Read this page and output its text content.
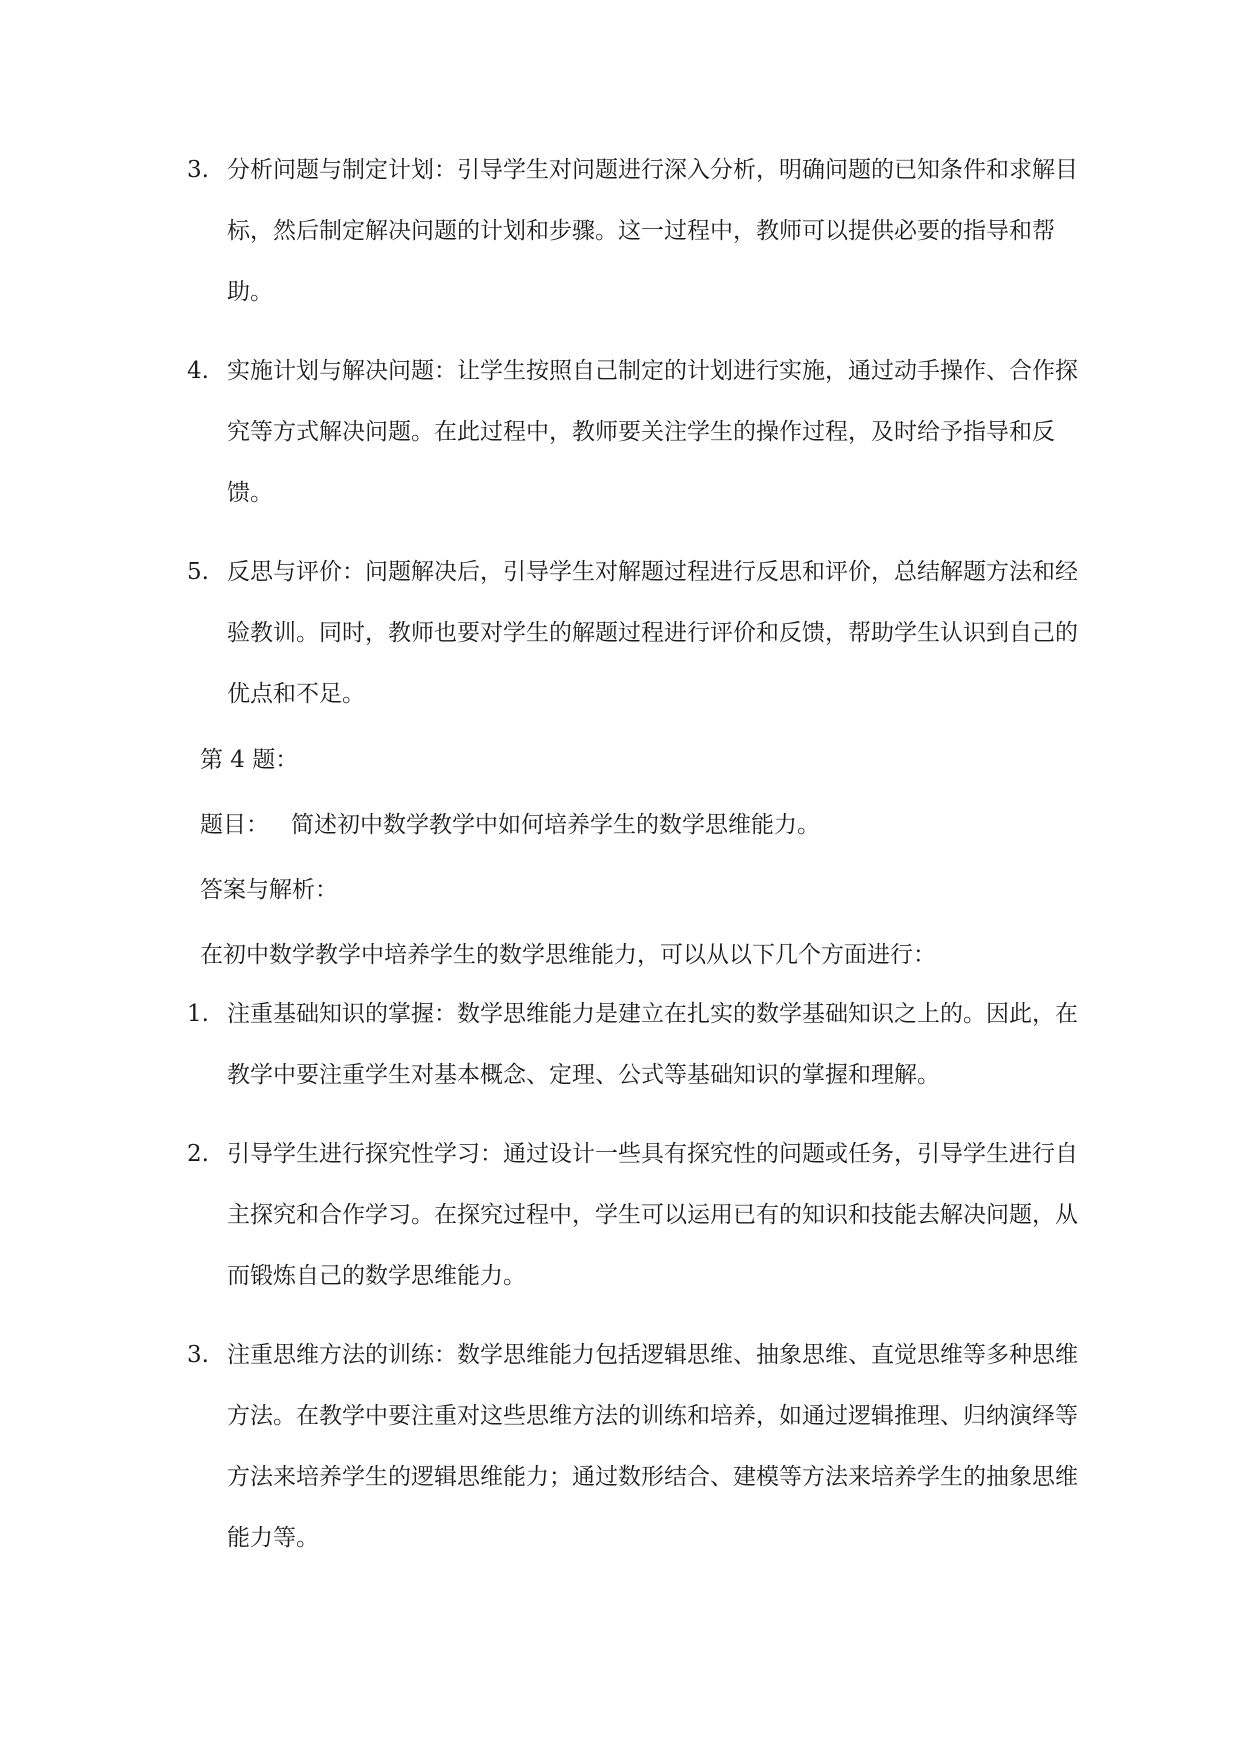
3. 分析问题与制定计划：引导学生对问题进行深入分析，明确问题的已知条件和求解目标，然后制定解决问题的计划和步骤。这一过程中，教师可以提供必要的指导和帮助。
4. 实施计划与解决问题：让学生按照自己制定的计划进行实施，通过动手操作、合作探究等方式解决问题。在此过程中，教师要关注学生的操作过程，及时给予指导和反馈。
5. 反思与评价：问题解决后，引导学生对解题过程进行反思和评价，总结解题方法和经验教训。同时，教师也要对学生的解题过程进行评价和反馈，帮助学生认识到自己的优点和不足。
第 4 题：
题目： 简述初中数学教学中如何培养学生的数学思维能力。
答案与解析：
在初中数学教学中培养学生的数学思维能力，可以从以下几个方面进行：
1. 注重基础知识的掌握：数学思维能力是建立在扎实的数学基础知识之上的。因此，在教学中要注重学生对基本概念、定理、公式等基础知识的掌握和理解。
2. 引导学生进行探究性学习：通过设计一些具有探究性的问题或任务，引导学生进行自主探究和合作学习。在探究过程中，学生可以运用已有的知识和技能去解决问题，从而锻炼自己的数学思维能力。
3. 注重思维方法的训练：数学思维能力包括逻辑思维、抽象思维、直觉思维等多种思维方法。在教学中要注重对这些思维方法的训练和培养，如通过逻辑推理、归纳演绎等方法来培养学生的逻辑思维能力；通过数形结合、建模等方法来培养学生的抽象思维能力等。
